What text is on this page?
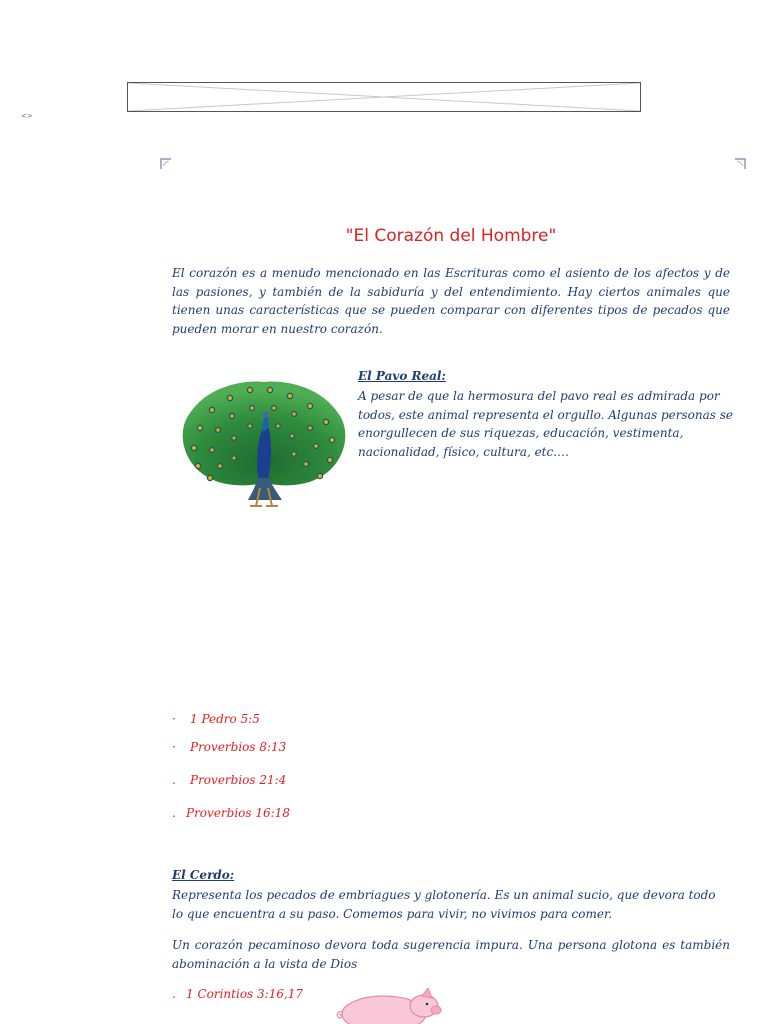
<>
"El Corazón del Hombre"
El corazón es a menudo mencionado en las Escrituras como el asiento de los afectos y de las pasiones, y también de la sabiduría y del entendimiento. Hay ciertos animales que tienen unas características que se pueden comparar con diferentes tipos de pecados que pueden morar en nuestro corazón.
El Pavo Real:
A pesar de que la hermosura del pavo real es admirada por todos, este animal representa el orgullo. Algunas personas se enorgullecen de sus riquezas, educación, vestimenta, nacionalidad, físico, cultura, etc.…
· 1 Pedro 5:5
· Proverbios 8:13
. Proverbios 21:4
. Proverbios 16:18
El Cerdo:
Representa los pecados de embriagues y glotonería. Es un animal sucio, que devora todo lo que encuentra a su paso. Comemos para vivir, no vivimos para comer.
Un corazón pecaminoso devora toda sugerencia impura. Una persona glotona es también abominación a la vista de Dios
. 1 Corintios 3:16,17
